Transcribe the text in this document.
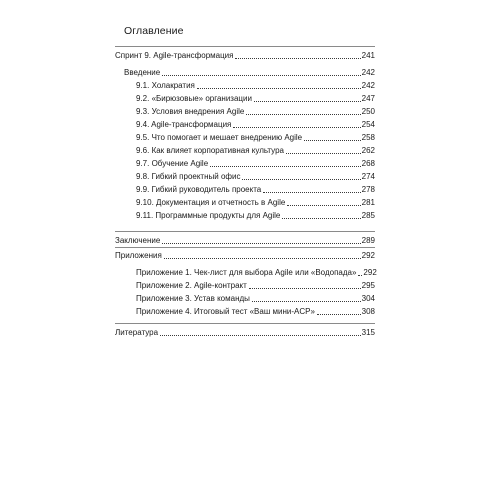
Оглавление
Спринт 9. Agile-трансформация	241
Введение	242
9.1. Холакратия	242
9.2. «Бирюзовые» организации	247
9.3. Условия внедрения Agile	250
9.4. Agile-трансформация	254
9.5. Что помогает и мешает внедрению Agile	258
9.6. Как влияет корпоративная культура	262
9.7. Обучение Agile	268
9.8. Гибкий проектный офис	274
9.9. Гибкий руководитель проекта	278
9.10. Документация и отчетность в Agile	281
9.11. Программные продукты для Agile	285
Заключение	289
Приложения	292
Приложение 1. Чек-лист для выбора Agile или «Водопада» 292
Приложение 2. Agile-контракт	295
Приложение 3. Устав команды	304
Приложение 4. Итоговый тест «Ваш мини-ACP»	308
Литература	315
